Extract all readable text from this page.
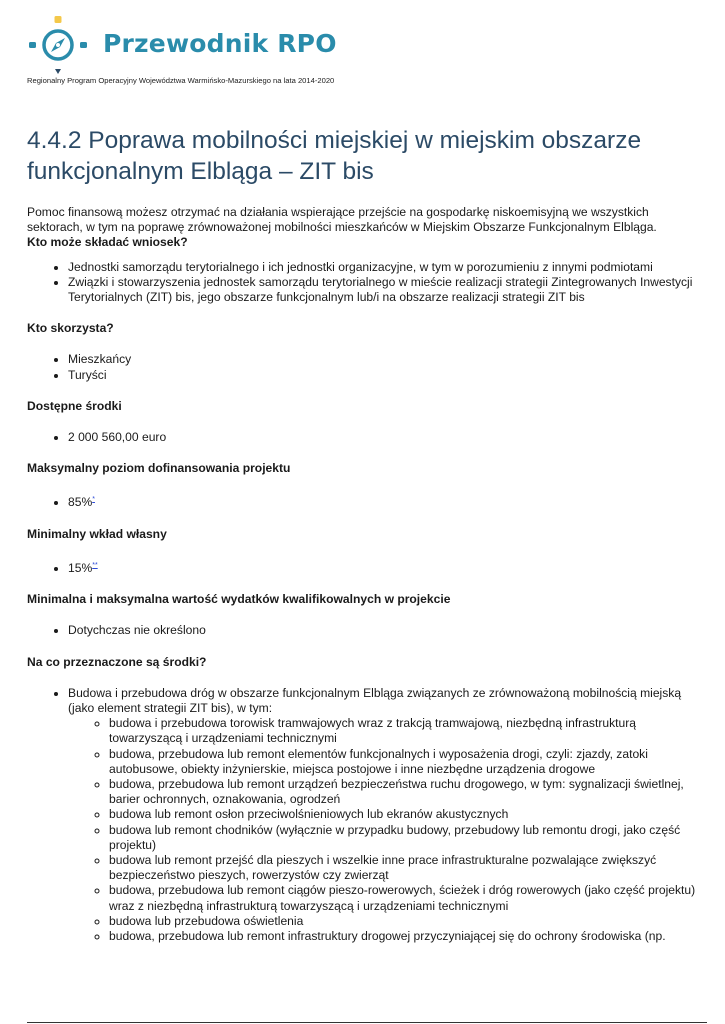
Przewodnik RPO
Regionalny Program Operacyjny Województwa Warmińsko-Mazurskiego na lata 2014-2020
4.4.2 Poprawa mobilności miejskiej w miejskim obszarze funkcjonalnym Elbląga – ZIT bis

Pomoc finansową możesz otrzymać na działania wspierające przejście na gospodarkę niskoemisyjną we wszystkich sektorach, w tym na poprawę zrównoważonej mobilności mieszkańców w Miejskim Obszarze Funkcjonalnym Elbląga.

Kto może składać wniosek?

• Jednostki samorządu terytorialnego i ich jednostki organizacyjne, w tym w porozumieniu z innymi podmiotami
• Związki i stowarzyszenia jednostek samorządu terytorialnego w mieście realizacji strategii Zintegrowanych Inwestycji Terytorialnych (ZIT) bis, jego obszarze funkcjonalnym lub/i na obszarze realizacji strategii ZIT bis

Kto skorzysta?

• Mieszkańcy
• Turyści

Dostępne środki

• 2 000 560,00 euro

Maksymalny poziom dofinansowania projektu

• 85%*

Minimalny wkład własny

• 15%**

Minimalna i maksymalna wartość wydatków kwalifikowalnych w projekcie

• Dotychczas nie określono

Na co przeznaczone są środki?

• Budowa i przebudowa dróg w obszarze funkcjonalnym Elbląga związanych ze zrównoważoną mobilnością miejską (jako element strategii ZIT bis), w tym:
◦ budowa i przebudowa torowisk tramwajowych wraz z trakcją tramwajową, niezbędną infrastrukturą towarzyszącą i urządzeniami technicznymi
◦ budowa, przebudowa lub remont elementów funkcjonalnych i wyposażenia drogi, czyli: zjazdy, zatoki autobusowe, obiekty inżynierskie, miejsca postojowe i inne niezbędne urządzenia drogowe
◦ budowa, przebudowa lub remont urządzeń bezpieczeństwa ruchu drogowego, w tym: sygnalizacji świetlnej, barier ochronnych, oznakowania, ogrodzeń
◦ budowa lub remont osłon przeciwolśnieniowych lub ekranów akustycznych
◦ budowa lub remont chodników (wyłącznie w przypadku budowy, przebudowy lub remontu drogi, jako część projektu)
◦ budowa lub remont przejść dla pieszych i wszelkie inne prace infrastrukturalne pozwalające zwiększyć bezpieczeństwo pieszych, rowerzystów czy zwierząt
◦ budowa, przebudowa lub remont ciągów pieszo-rowerowych, ścieżek i dróg rowerowych (jako część projektu) wraz z niezbędną infrastrukturą towarzyszącą i urządzeniami technicznymi
◦ budowa lub przebudowa oświetlenia
◦ budowa, przebudowa lub remont infrastruktury drogowej przyczyniającej się do ochrony środowiska (np.
